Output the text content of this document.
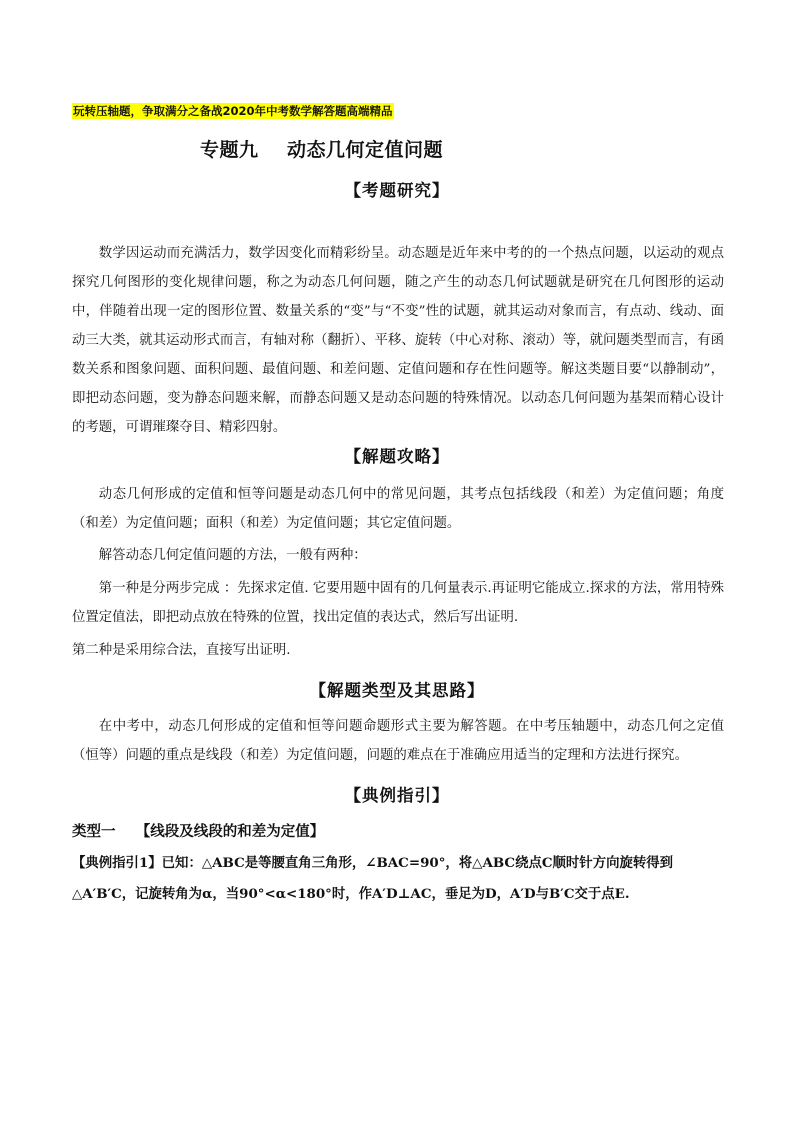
玩转压轴题，争取满分之备战2020年中考数学解答题高端精品
专题九    动态几何定值问题
【考题研究】
数学因运动而充满活力，数学因变化而精彩纷呈。动态题是近年来中考的的一个热点问题，以运动的观点探究几何图形的变化规律问题，称之为动态几何问题，随之产生的动态几何试题就是研究在几何图形的运动中，伴随着出现一定的图形位置、数量关系的“变”与“不变”性的试题，就其运动对象而言，有点动、线动、面动三大类，就其运动形式而言，有轴对称（翻折）、平移、旋转（中心对称、滚动）等，就问题类型而言，有函数关系和图象问题、面积问题、最值问题、和差问题、定值问题和存在性问题等。解这类题目要“以静制动”，即把动态问题，变为静态问题来解，而静态问题又是动态问题的特殊情况。以动态几何问题为基架而精心设计的考题，可谓璀璨夺目、精彩四射。
【解题攻略】
动态几何形成的定值和恒等问题是动态几何中的常见问题，其考点包括线段（和差）为定值问题；角度（和差）为定值问题；面积（和差）为定值问题；其它定值问题。
解答动态几何定值问题的方法，一般有两种：
第一种是分两步完成 ：先探求定值. 它要用题中固有的几何量表示.再证明它能成立.探求的方法，常用特殊位置定值法，即把动点放在特殊的位置，找出定值的表达式，然后写出证明.
第二种是采用综合法，直接写出证明.
【解题类型及其思路】
在中考中，动态几何形成的定值和恒等问题命题形式主要为解答题。在中考压轴题中，动态几何之定值（恒等）问题的重点是线段（和差）为定值问题，问题的难点在于准确应用适当的定理和方法进行探究。
【典例指引】
类型一    【线段及线段的和差为定值】
【典例指引1】已知：△ABC是等腰直角三角形，∠BAC=90°，将△ABC绕点C顺时针方向旋转得到
△A′B′C，记旋转角为α，当90°<α<180°时，作A′D⊥AC，垂足为D，A′D与B′C交于点E.
